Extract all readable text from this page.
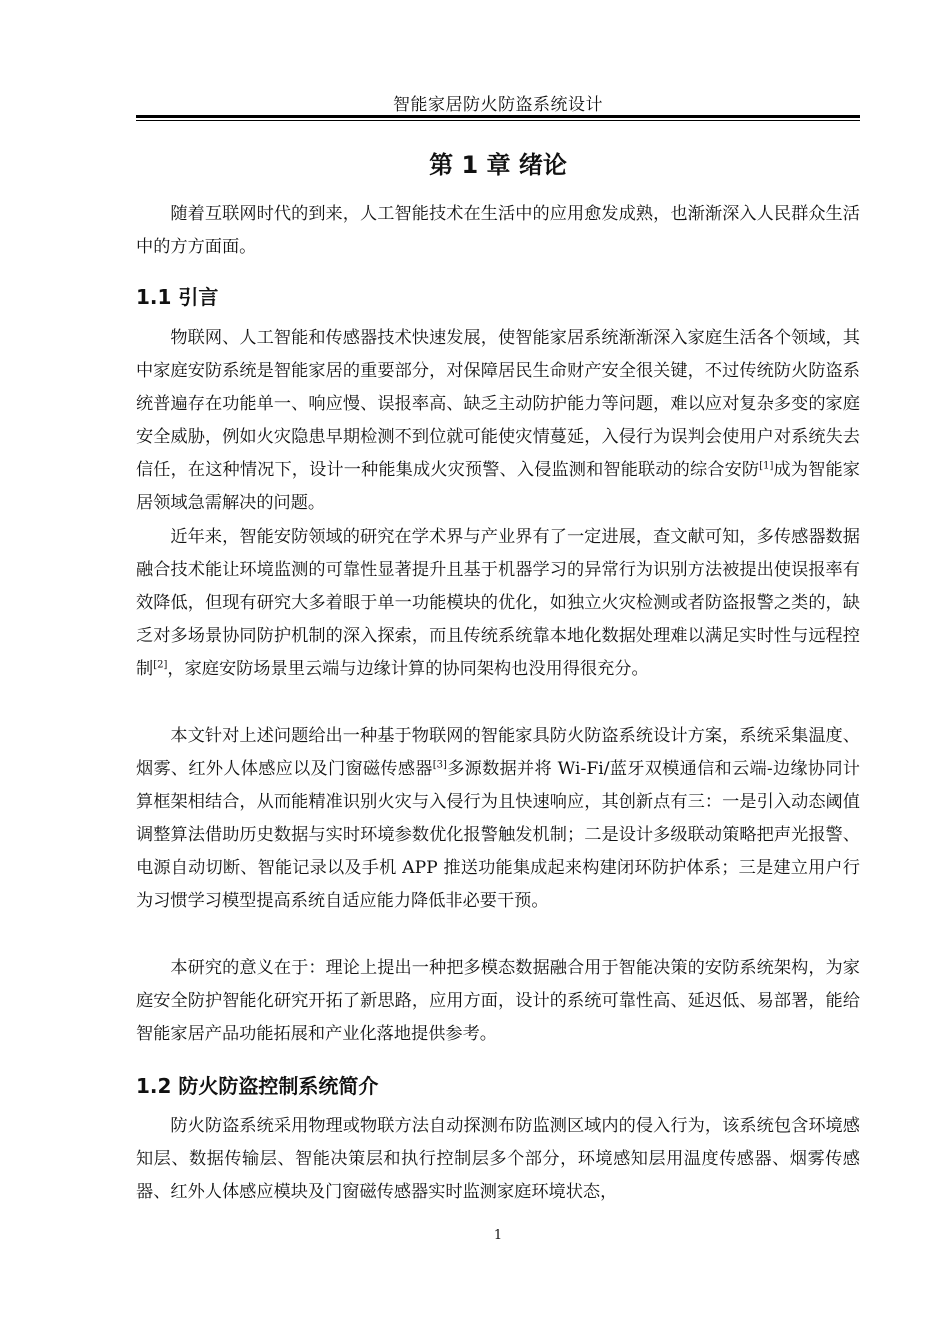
智能家居防火防盗系统设计
第 1 章 绪论

随着互联网时代的到来，人工智能技术在生活中的应用愈发成熟，也渐渐深入人民群众生活中的方方面面。

1.1 引言

物联网、人工智能和传感器技术快速发展，使智能家居系统渐渐深入家庭生活各个领域，其中家庭安防系统是智能家居的重要部分，对保障居民生命财产安全很关键，不过传统防火防盗系统普遍存在功能单一、响应慢、误报率高、缺乏主动防护能力等问题，难以应对复杂多变的家庭安全威胁，例如火灾隐患早期检测不到位就可能使灾情蔓延，入侵行为误判会使用户对系统失去信任，在这种情况下，设计一种能集成火灾预警、入侵监测和智能联动的综合安防[1]成为智能家居领域急需解决的问题。

近年来，智能安防领域的研究在学术界与产业界有了一定进展，查文献可知，多传感器数据融合技术能让环境监测的可靠性显著提升且基于机器学习的异常行为识别方法被提出使误报率有效降低，但现有研究大多着眼于单一功能模块的优化，如独立火灾检测或者防盗报警之类的，缺乏对多场景协同防护机制的深入探索，而且传统系统靠本地化数据处理难以满足实时性与远程控制[2]，家庭安防场景里云端与边缘计算的协同架构也没用得很充分。

本文针对上述问题给出一种基于物联网的智能家具防火防盗系统设计方案，系统采集温度、烟雾、红外人体感应以及门窗磁传感器[3]多源数据并将 Wi-Fi/蓝牙双模通信和云端-边缘协同计算框架相结合，从而能精准识别火灾与入侵行为且快速响应，其创新点有三：一是引入动态阈值调整算法借助历史数据与实时环境参数优化报警触发机制；二是设计多级联动策略把声光报警、电源自动切断、智能记录以及手机 APP 推送功能集成起来构建闭环防护体系；三是建立用户行为习惯学习模型提高系统自适应能力降低非必要干预。

本研究的意义在于：理论上提出一种把多模态数据融合用于智能决策的安防系统架构，为家庭安全防护智能化研究开拓了新思路，应用方面，设计的系统可靠性高、延迟低、易部署，能给智能家居产品功能拓展和产业化落地提供参考。

1.2 防火防盗控制系统简介

防火防盗系统采用物理或物联方法自动探测布防监测区域内的侵入行为，该系统包含环境感知层、数据传输层、智能决策层和执行控制层多个部分，环境感知层用温度传感器、烟雾传感器、红外人体感应模块及门窗磁传感器实时监测家庭环境状态，

1
